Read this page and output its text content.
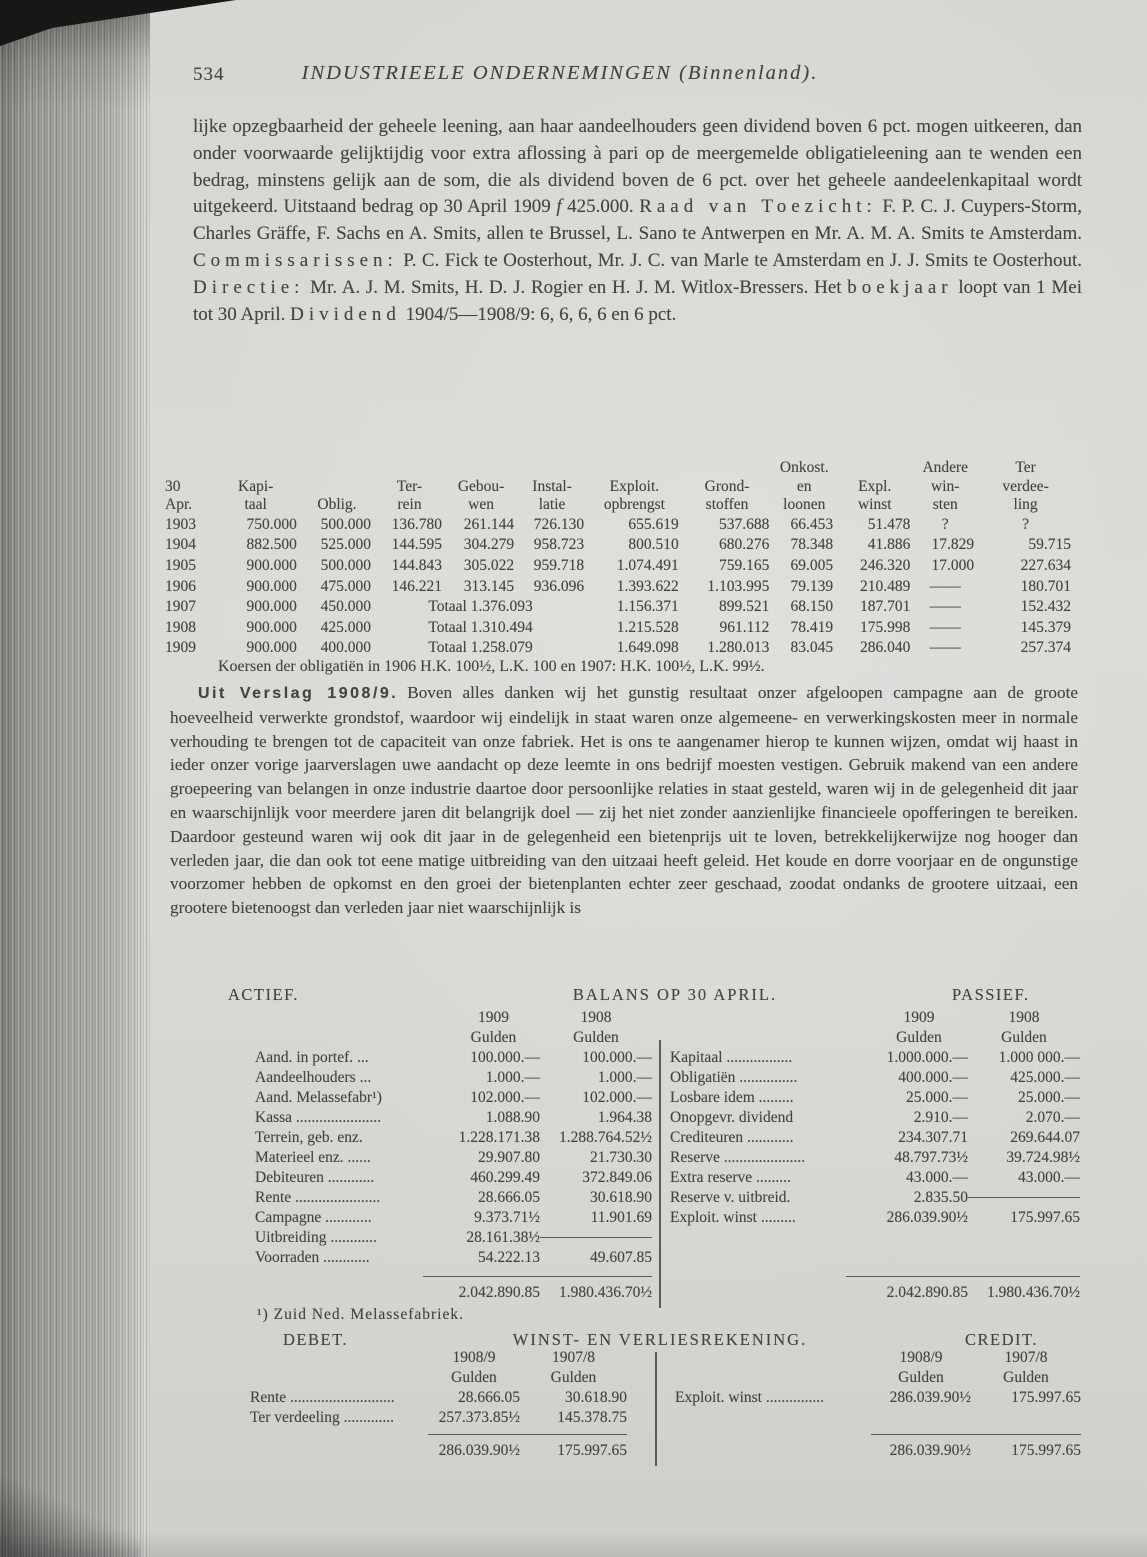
534	INDUSTRIEELE ONDERNEMINGEN (Binnenland).

lijke opzegbaarheid der geheele leening, aan haar aandeelhouders geen dividend boven 6 pct. mogen uitkeeren, dan onder voorwaarde gelijktijdig voor extra aflossing à pari op de meergemelde obligatieleening aan te wenden een bedrag, minstens gelijk aan de som, die als dividend boven de 6 pct. over het geheele aandeelenkapitaal wordt uitgekeerd. Uitstaand bedrag op 30 April 1909 f 425.000. Raad van Toezicht: F. P. C. J. Cuypers-Storm, Charles Gräffe, F. Sachs en A. Smits, allen te Brussel, L. Sano te Antwerpen en Mr. A. M. A. Smits te Amsterdam. Commissarissen: P. C. Fick te Oosterhout, Mr. J. C. van Marle te Amsterdam en J. J. Smits te Oosterhout. Directie: Mr. A. J. M. Smits, H. D. J. Rogier en H. J. M. Witlox-Bressers. Het boekjaar loopt van 1 Mei tot 30 April. Dividend 1904/5—1908/9: 6, 6, 6, 6 en 6 pct.

								Onkost.		Andere	Ter
30	Kapi-		Ter-	Gebou-	Instal-	Exploit.	Grond-	en	Expl.	win-	verdee-
Apr.	taal	Oblig.	rein	wen	latie	opbrengst	stoffen	loonen	winst	sten	ling
1903	750.000	500.000	136.780	261.144	726.130	655.619	537.688	66.453	51.478	?	?
1904	882.500	525.000	144.595	304.279	958.723	800.510	680.276	78.348	41.886	17.829	59.715
1905	900.000	500.000	144.843	305.022	959.718	1.074.491	759.165	69.005	246.320	17.000	227.634
1906	900.000	475.000	146.221	313.145	936.096	1.393.622	1.103.995	79.139	210.489	——	180.701
1907	900.000	450.000	Totaal 1.376.093			1.156.371	899.521	68.150	187.701	——	152.432
1908	900.000	425.000	Totaal 1.310.494			1.215.528	961.112	78.419	175.998	——	145.379
1909	900.000	400.000	Totaal 1.258.079			1.649.098	1.280.013	83.045	286.040	——	257.374
Koersen der obligatiën in 1906 H.K. 100½, L.K. 100 en 1907: H.K. 100½, L.K. 99½.

Uit Verslag 1908/9. Boven alles danken wij het gunstig resultaat onzer afgeloopen campagne aan de groote hoeveelheid verwerkte grondstof, waardoor wij eindelijk in staat waren onze algemeene- en verwerkingskosten meer in normale verhouding te brengen tot de capaciteit van onze fabriek. Het is ons te aangenamer hierop te kunnen wijzen, omdat wij haast in ieder onzer vorige jaarverslagen uwe aandacht op deze leemte in ons bedrijf moesten vestigen. Gebruik makend van een andere groepeering van belangen in onze industrie daartoe door persoonlijke relaties in staat gesteld, waren wij in de gelegenheid dit jaar en waarschijnlijk voor meerdere jaren dit belangrijk doel — zij het niet zonder aanzienlijke financieele opofferingen te bereiken. Daardoor gesteund waren wij ook dit jaar in de gelegenheid een bietenprijs uit te loven, betrekkelijkerwijze nog hooger dan verleden jaar, die dan ook tot eene matige uitbreiding van den uitzaai heeft geleid. Het koude en dorre voorjaar en de ongunstige voorzomer hebben de opkomst en den groei der bietenplanten echter zeer geschaad, zoodat ondanks de grootere uitzaai, een grootere bietenoogst dan verleden jaar niet waarschijnlijk is

ACTIEF.	BALANS OP 30 APRIL.	PASSIEF.
1909	1908
Gulden	Gulden
Aand. in portef. ...	100.000.—	100.000.—
Aandeelhouders ...	1.000.—	1.000.—
Aand. Melassefabr¹)	102.000.—	102.000.—
Kassa ......................	1.088.90	1.964.38
Terrein, geb. enz.	1.228.171.38	1.288.764.52½
Materieel enz. ......	29.907.80	21.730.30
Debiteuren ............	460.299.49	372.849.06
Rente ......................	28.666.05	30.618.90
Campagne ............	9.373.71½	11.901.69
Uitbreiding ............	28.161.38½
Voorraden ............	54.222.13	49.607.85
2.042.890.85	1.980.436.70½
¹) Zuid Ned. Melassefabriek.
1909	1908
Gulden	Gulden
Kapitaal .................	1.000.000.—	1.000 000.—
Obligatiën ...............	400.000.—	425.000.—
Losbare idem .........	25.000.—	25.000.—
Onopgevr. dividend	2.910.—	2.070.—
Crediteuren ............	234.307.71	269.644.07
Reserve .....................	48.797.73½	39.724.98½
Extra reserve .........	43.000.—	43.000.—
Reserve v. uitbreid.	2.835.50
Exploit. winst .........	286.039.90½	175.997.65
2.042.890.85	1.980.436.70½
DEBET.	WINST- EN VERLIESREKENING.	CREDIT.
1908/9	1907/8
Gulden	Gulden
Rente ...........................	28.666.05	30.618.90
Ter verdeeling .............	257.373.85½	145.378.75
286.039.90½	175.997.65
1908/9	1907/8
Gulden	Gulden
Exploit. winst ...............	286.039.90½	175.997.65
286.039.90½	175.997.65
